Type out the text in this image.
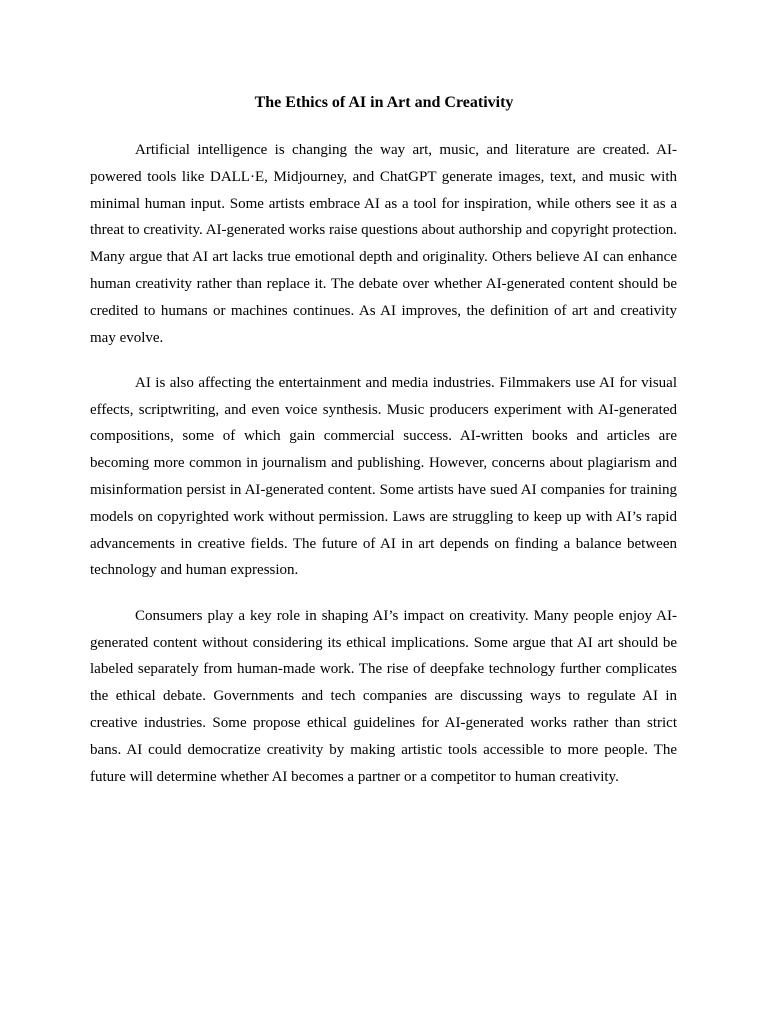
The Ethics of AI in Art and Creativity

Artificial intelligence is changing the way art, music, and literature are created. AI-powered tools like DALL·E, Midjourney, and ChatGPT generate images, text, and music with minimal human input. Some artists embrace AI as a tool for inspiration, while others see it as a threat to creativity. AI-generated works raise questions about authorship and copyright protection. Many argue that AI art lacks true emotional depth and originality. Others believe AI can enhance human creativity rather than replace it. The debate over whether AI-generated content should be credited to humans or machines continues. As AI improves, the definition of art and creativity may evolve.

AI is also affecting the entertainment and media industries. Filmmakers use AI for visual effects, scriptwriting, and even voice synthesis. Music producers experiment with AI-generated compositions, some of which gain commercial success. AI-written books and articles are becoming more common in journalism and publishing. However, concerns about plagiarism and misinformation persist in AI-generated content. Some artists have sued AI companies for training models on copyrighted work without permission. Laws are struggling to keep up with AI’s rapid advancements in creative fields. The future of AI in art depends on finding a balance between technology and human expression.

Consumers play a key role in shaping AI’s impact on creativity. Many people enjoy AI-generated content without considering its ethical implications. Some argue that AI art should be labeled separately from human-made work. The rise of deepfake technology further complicates the ethical debate. Governments and tech companies are discussing ways to regulate AI in creative industries. Some propose ethical guidelines for AI-generated works rather than strict bans. AI could democratize creativity by making artistic tools accessible to more people. The future will determine whether AI becomes a partner or a competitor to human creativity.
